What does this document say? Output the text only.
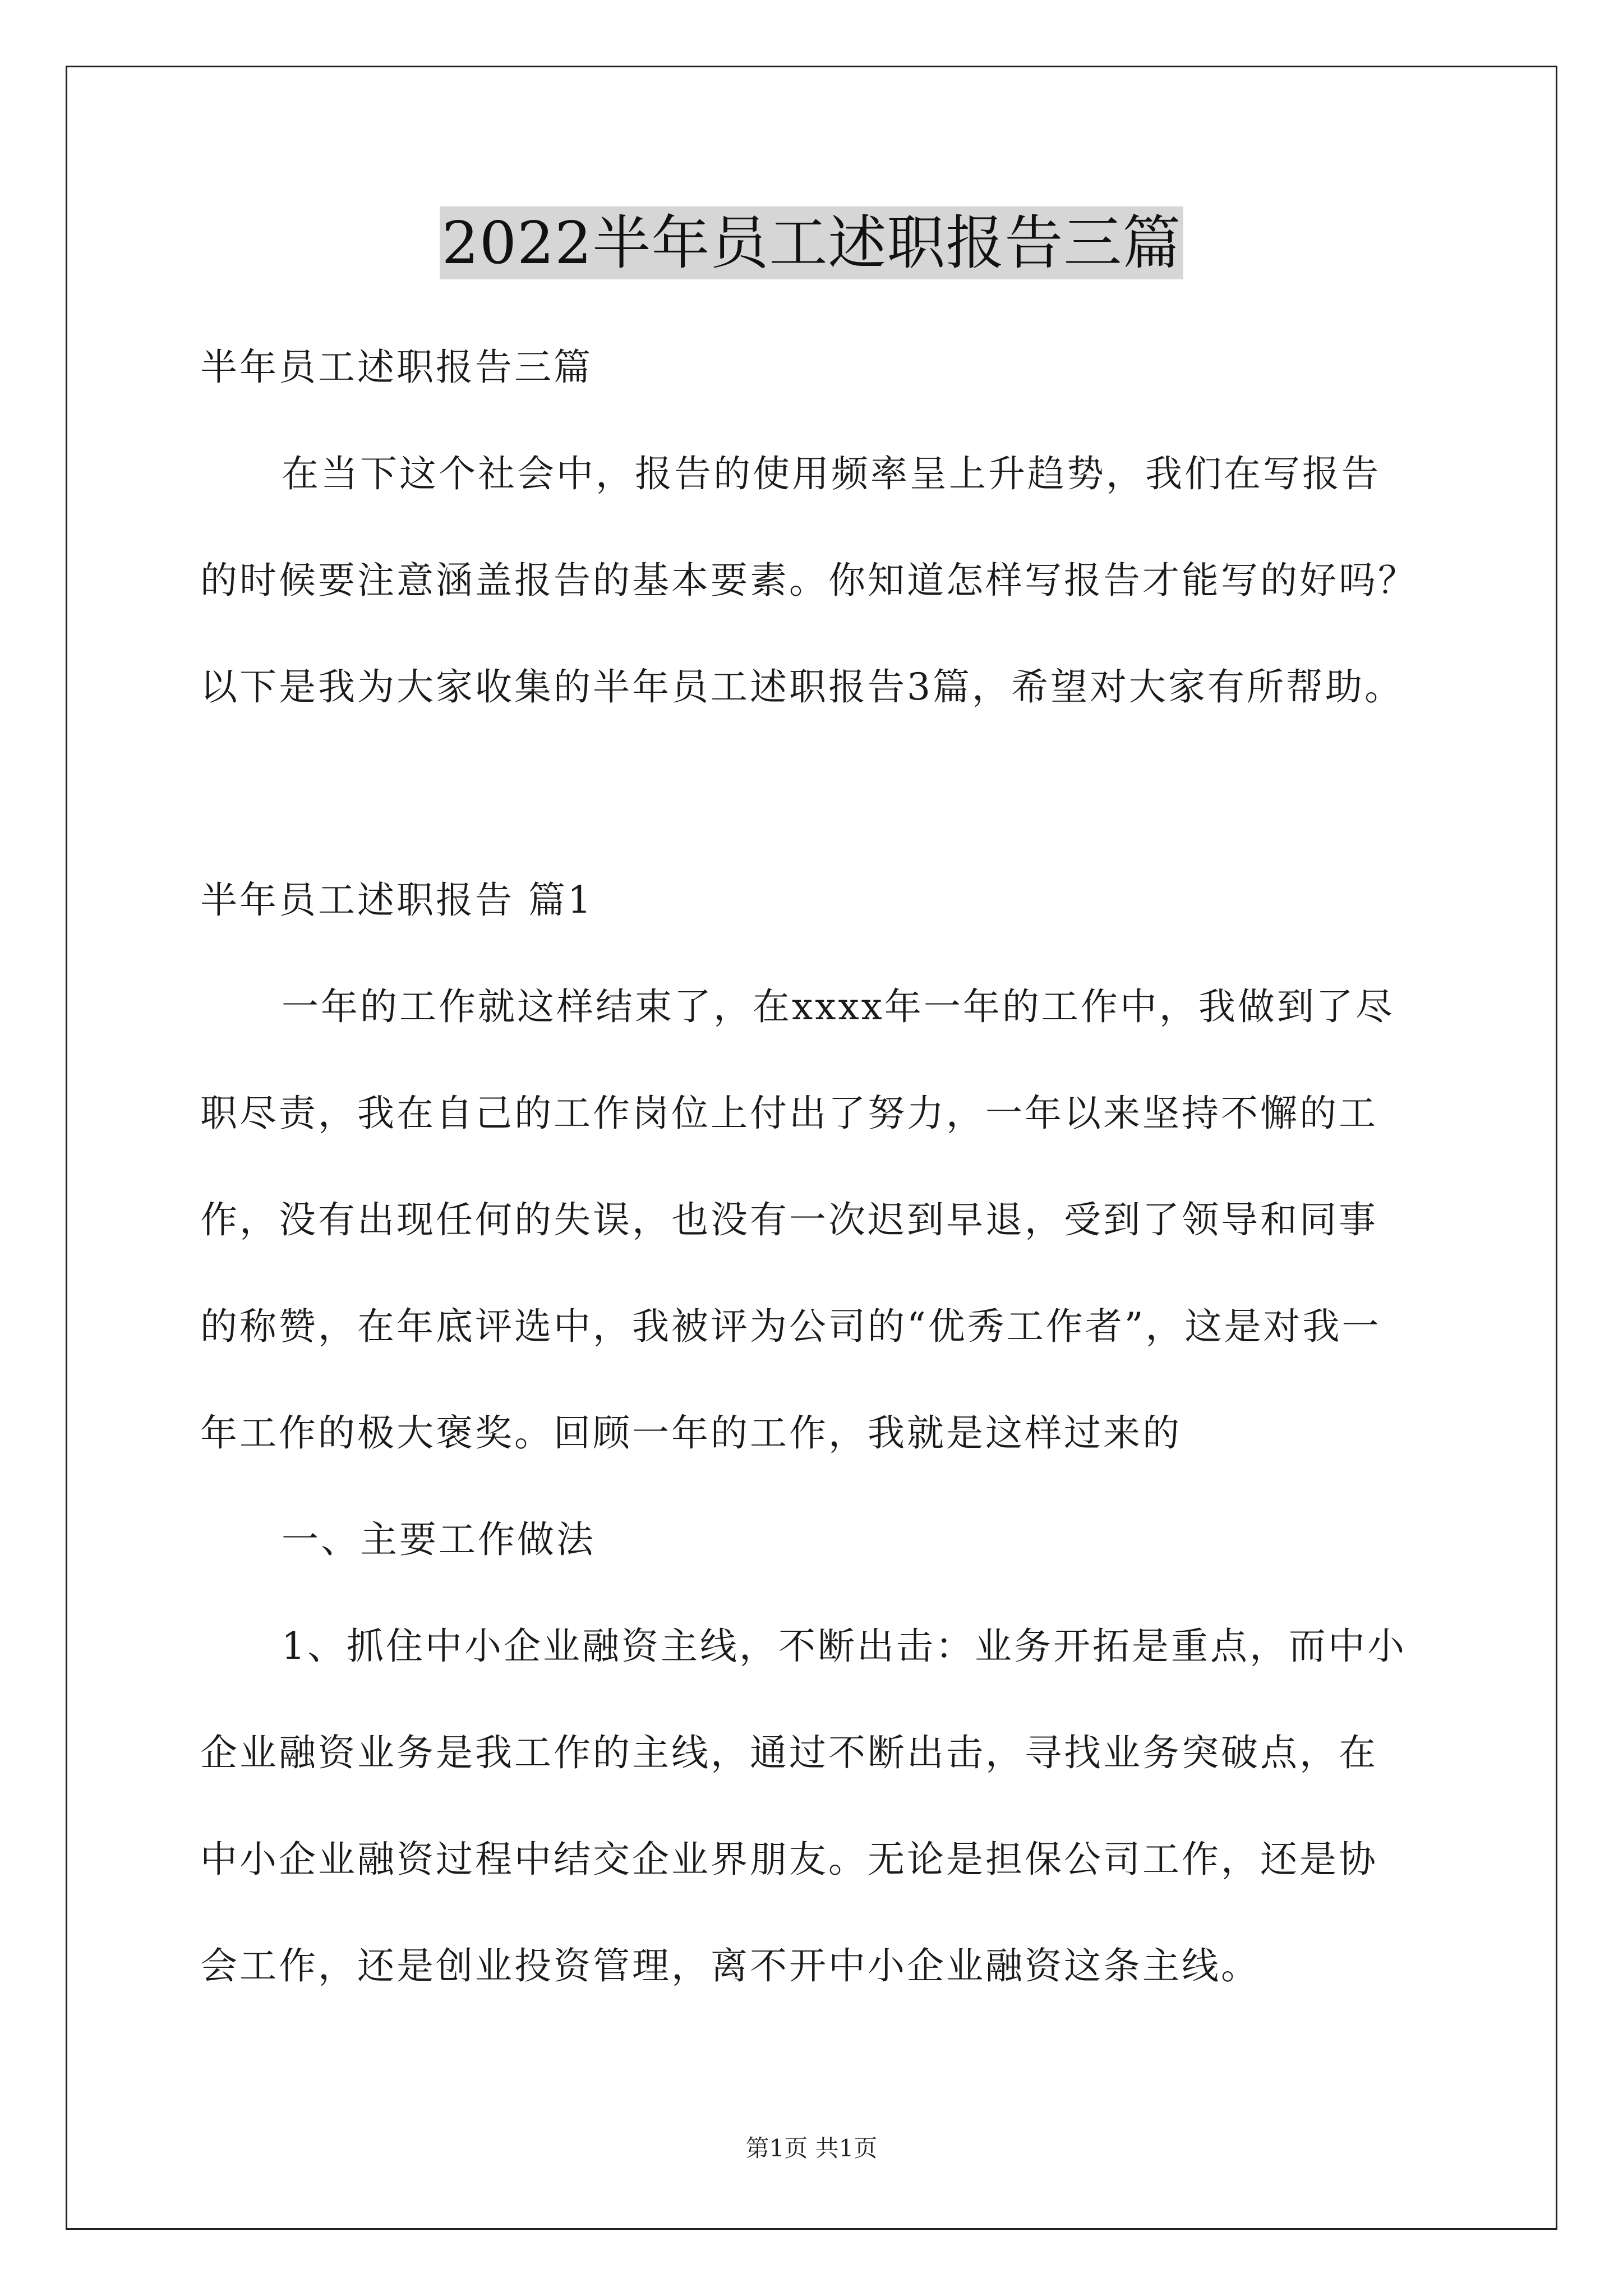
2022半年员工述职报告三篇
半年员工述职报告三篇
在当下这个社会中，报告的使用频率呈上升趋势，我们在写报告
的时候要注意涵盖报告的基本要素。你知道怎样写报告才能写的好吗？
以下是我为大家收集的半年员工述职报告3篇，希望对大家有所帮助。
半年员工述职报告 篇1
一年的工作就这样结束了，在xxxx年一年的工作中，我做到了尽
职尽责，我在自己的工作岗位上付出了努力，一年以来坚持不懈的工
作，没有出现任何的失误，也没有一次迟到早退，受到了领导和同事
的称赞，在年底评选中，我被评为公司的“优秀工作者”，这是对我一
年工作的极大褒奖。回顾一年的工作，我就是这样过来的
一、主要工作做法
1、抓住中小企业融资主线，不断出击：业务开拓是重点，而中小
企业融资业务是我工作的主线，通过不断出击，寻找业务突破点，在
中小企业融资过程中结交企业界朋友。无论是担保公司工作，还是协
会工作，还是创业投资管理，离不开中小企业融资这条主线。
第1页 共1页
